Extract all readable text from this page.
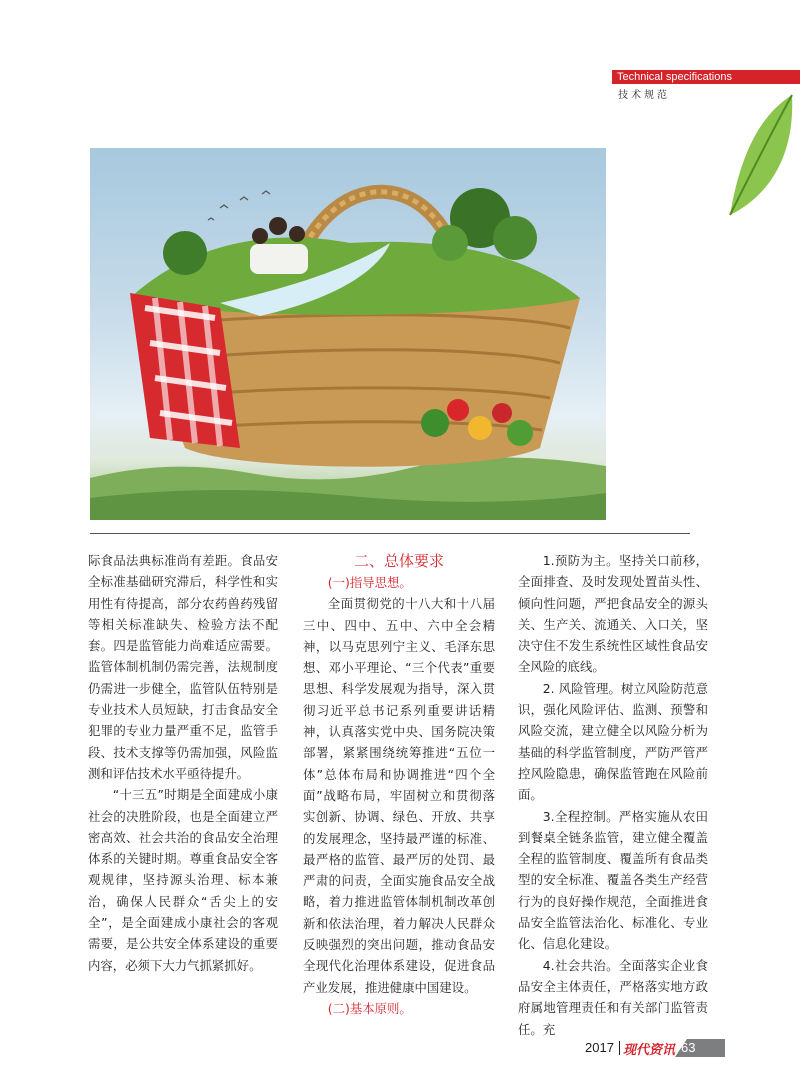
Technical specifications
技术规范

际食品法典标准尚有差距。食品安全标准基础研究滞后，科学性和实用性有待提高，部分农药兽药残留等相关标准缺失、检验方法不配套。四是监管能力尚难适应需要。监管体制机制仍需完善，法规制度仍需进一步健全，监管队伍特别是专业技术人员短缺，打击食品安全犯罪的专业力量严重不足，监管手段、技术支撑等仍需加强，风险监测和评估技术水平亟待提升。

“十三五”时期是全面建成小康社会的决胜阶段，也是全面建立严密高效、社会共治的食品安全治理体系的关键时期。尊重食品安全客观规律，坚持源头治理、标本兼治，确保人民群众“舌尖上的安全”，是全面建成小康社会的客观需要，是公共安全体系建设的重要内容，必须下大力气抓紧抓好。

二、总体要求

(一)指导思想。

全面贯彻党的十八大和十八届三中、四中、五中、六中全会精神，以马克思列宁主义、毛泽东思想、邓小平理论、“三个代表”重要思想、科学发展观为指导，深入贯彻习近平总书记系列重要讲话精神，认真落实党中央、国务院决策部署，紧紧围绕统筹推进“五位一体”总体布局和协调推进“四个全面”战略布局，牢固树立和贯彻落实创新、协调、绿色、开放、共享的发展理念，坚持最严谨的标准、最严格的监管、最严厉的处罚、最严肃的问责，全面实施食品安全战略，着力推进监管体制机制改革创新和依法治理，着力解决人民群众反映强烈的突出问题，推动食品安全现代化治理体系建设，促进食品产业发展，推进健康中国建设。

(二)基本原则。

1.预防为主。坚持关口前移，全面排查、及时发现处置苗头性、倾向性问题，严把食品安全的源头关、生产关、流通关、入口关，坚决守住不发生系统性区域性食品安全风险的底线。

2. 风险管理。树立风险防范意识，强化风险评估、监测、预警和风险交流，建立健全以风险分析为基础的科学监管制度，严防严管严控风险隐患，确保监管跑在风险前面。

3.全程控制。严格实施从农田到餐桌全链条监管，建立健全覆盖全程的监管制度、覆盖所有食品类型的安全标准、覆盖各类生产经营行为的良好操作规范，全面推进食品安全监管法治化、标准化、专业化、信息化建设。

4.社会共治。全面落实企业食品安全主体责任，严格落实地方政府属地管理责任和有关部门监管责任。充

2017 现代资讯 63
